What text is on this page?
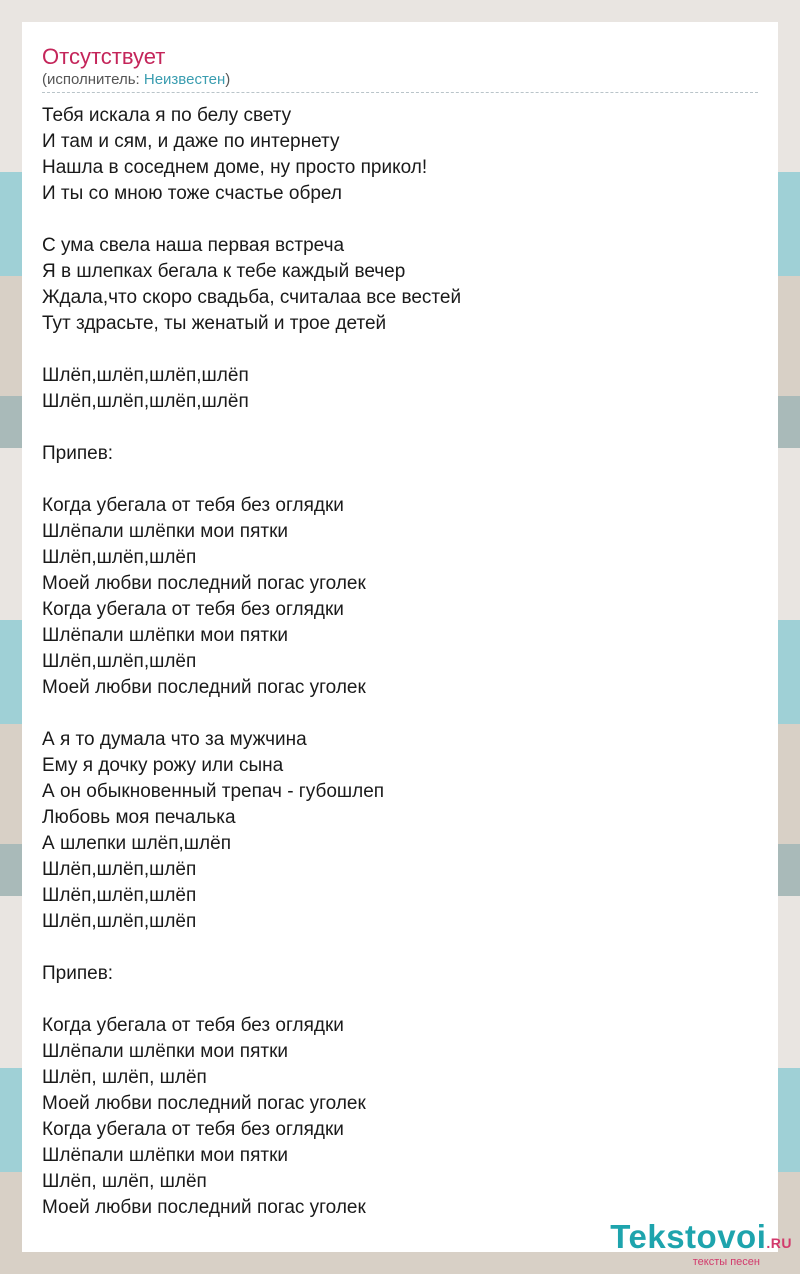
Отсутствует
(исполнитель: Неизвестен)
Тебя искала я по белу свету
И там и сям, и даже по интернету
Нашла в соседнем доме, ну просто прикол!
И ты со мною тоже счастье обрел
С ума свела наша первая встреча
Я в шлепках бегала к тебе каждый вечер
Ждала,что скоро свадьба, считалаа все вестей
Тут здрасьте, ты женатый и трое детей
Шлёп,шлёп,шлёп,шлёп
Шлёп,шлёп,шлёп,шлёп
Припев:
Когда убегала от тебя без оглядки
Шлёпали шлёпки мои пятки
Шлёп,шлёп,шлёп
Моей любви последний погас уголек
Когда убегала от тебя без оглядки
Шлёпали шлёпки мои пятки
Шлёп,шлёп,шлёп
Моей любви последний погас уголек
А я то думала что за мужчина
Ему я дочку рожу или сына
А он обыкновенный трепач - губошлеп
Любовь моя печалька
А шлепки шлёп,шлёп
Шлёп,шлёп,шлёп
Шлёп,шлёп,шлёп
Шлёп,шлёп,шлёп
Припев:
Когда убегала от тебя без оглядки
Шлёпали шлёпки мои пятки
Шлёп, шлёп, шлёп
Моей любви последний погас уголек
Когда убегала от тебя без оглядки
Шлёпали шлёпки мои пятки
Шлёп, шлёп, шлёп
Моей любви последний погас уголек
Tekstovoi.RU
тексты песен
